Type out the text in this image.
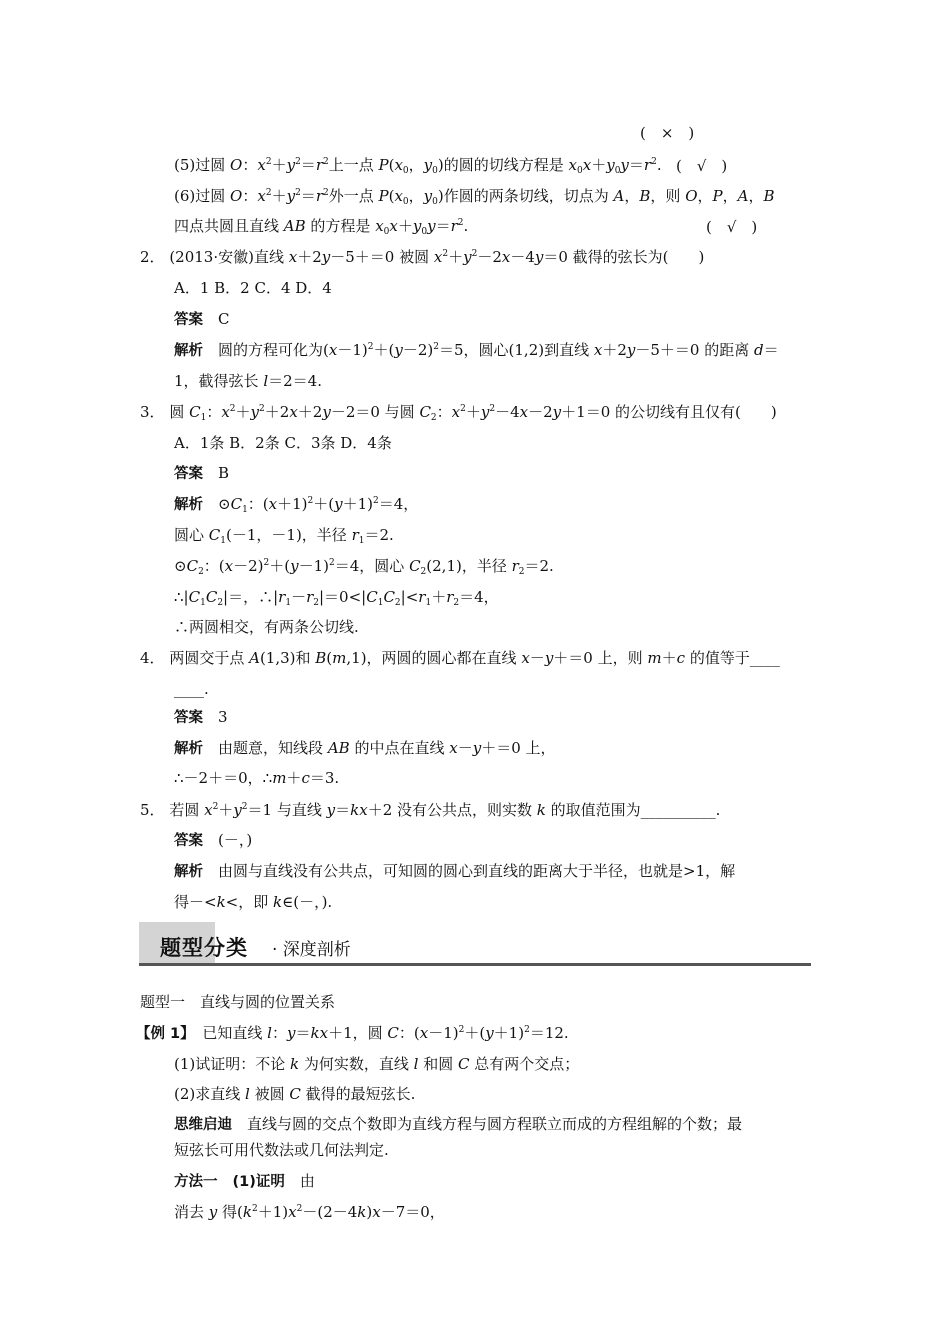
(　×　)
(5)过圆 O：$x^2+y^2=r^2$上一点 $P(x_0$，$y_0$)的圆的切线方程是 $x_0x+y_0y=r^2$. (　√　)
(6)过圆 O：$x^2+y^2=r^2$外一点 $P(x_0$，$y_0$)作圆的两条切线，切点为 A，B，则 O，P，A，B
四点共圆且直线 AB 的方程是 $x_0x+y_0y=r^2$.	(　√　)
2． (2013·安徽)直线 x＋2y－5＋＝0 被圆 $x^2+y^2-2x-4y=0$ 截得的弦长为(　　)
A．1 B．2 C．4 D．4
答案　 C
解析　 圆的方程可化为$(x-1)^2+(y-2)^2=5$，圆心(1,2)到直线 x＋2y－5＋＝0 的距离 d＝
1，截得弦长 l＝2＝4.
3． 圆 $C_1$：$x^2+y^2+2x+2y-2=0$ 与圆 $C_2$：$x^2+y^2-4x-2y+1=0$ 的公切线有且仅有(　　)
A．1条 B．2条 C．3条 D．4条
答案　 B
解析　$⊙C_1$：$(x+1)^2+(y+1)^2=4$，
圆心 $C_1(-1$，－1)，半径 $r_1=2$.
$⊙C_2$：$(x-2)^2+(y-1)^2=4$，圆心 $C_2(2,1)$，半径 $r_2=2$.
$\therefore|C_1C_2|=$，$\therefore|r_1-r_2|=0<|C_1C_2|<r_1+r_2=4$，
∴两圆相交，有两条公切线.
4． 两圆交于点 A(1,3)和 B(m,1)，两圆的圆心都在直线 x－y＋＝0 上，则 m＋c 的值等于____
____.
答案　 3
解析　 由题意，知线段 AB 的中点在直线 x－y＋＝0 上，
∴－2＋＝0，∴m＋c＝3.
5． 若圆 $x^2+y^2=1$ 与直线 y＝kx＋2 没有公共点，则实数 k 的取值范围为__________.
答案　 (－，)
解析　 由圆与直线没有公共点，可知圆的圆心到直线的距离大于半径，也就是>1，解
得－<k<，即 k∈(－，).
题型分类 · 深度剖析
题型一　直线与圆的位置关系
【例 1】　已知直线 l：y＝kx＋1，圆 C：$(x-1)^2+(y+1)^2=12$.
(1)试证明：不论 k 为何实数，直线 l 和圆 C 总有两个交点；
(2)求直线 l 被圆 C 截得的最短弦长.
思维启迪　 直线与圆的交点个数即为直线方程与圆方程联立而成的方程组解的个数；最
短弦长可用代数法或几何法判定.
方法一　 (1)证明　 由
消去 y 得$(k^2+1)x^2-(2-4k)x-7=0$，
